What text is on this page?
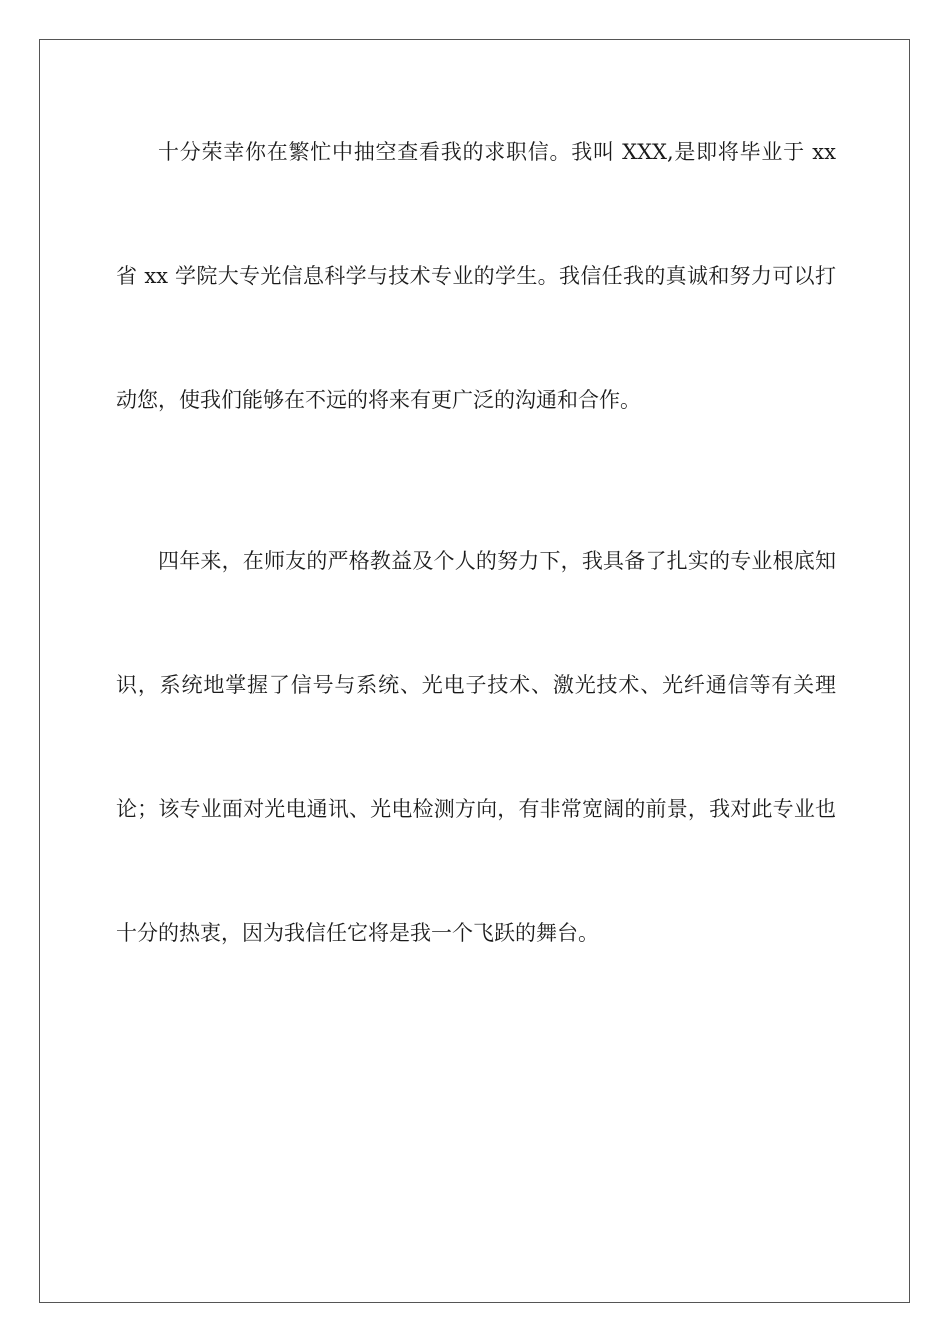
十分荣幸你在繁忙中抽空查看我的求职信。我叫 XXX,是即将毕业于 xx 省 xx 学院大专光信息科学与技术专业的学生。我信任我的真诚和努力可以打动您，使我们能够在不远的将来有更广泛的沟通和合作。

四年来，在师友的严格教益及个人的努力下，我具备了扎实的专业根底知识，系统地掌握了信号与系统、光电子技术、激光技术、光纤通信等有关理论；该专业面对光电通讯、光电检测方向，有非常宽阔的前景，我对此专业也十分的热衷，因为我信任它将是我一个飞跃的舞台。
